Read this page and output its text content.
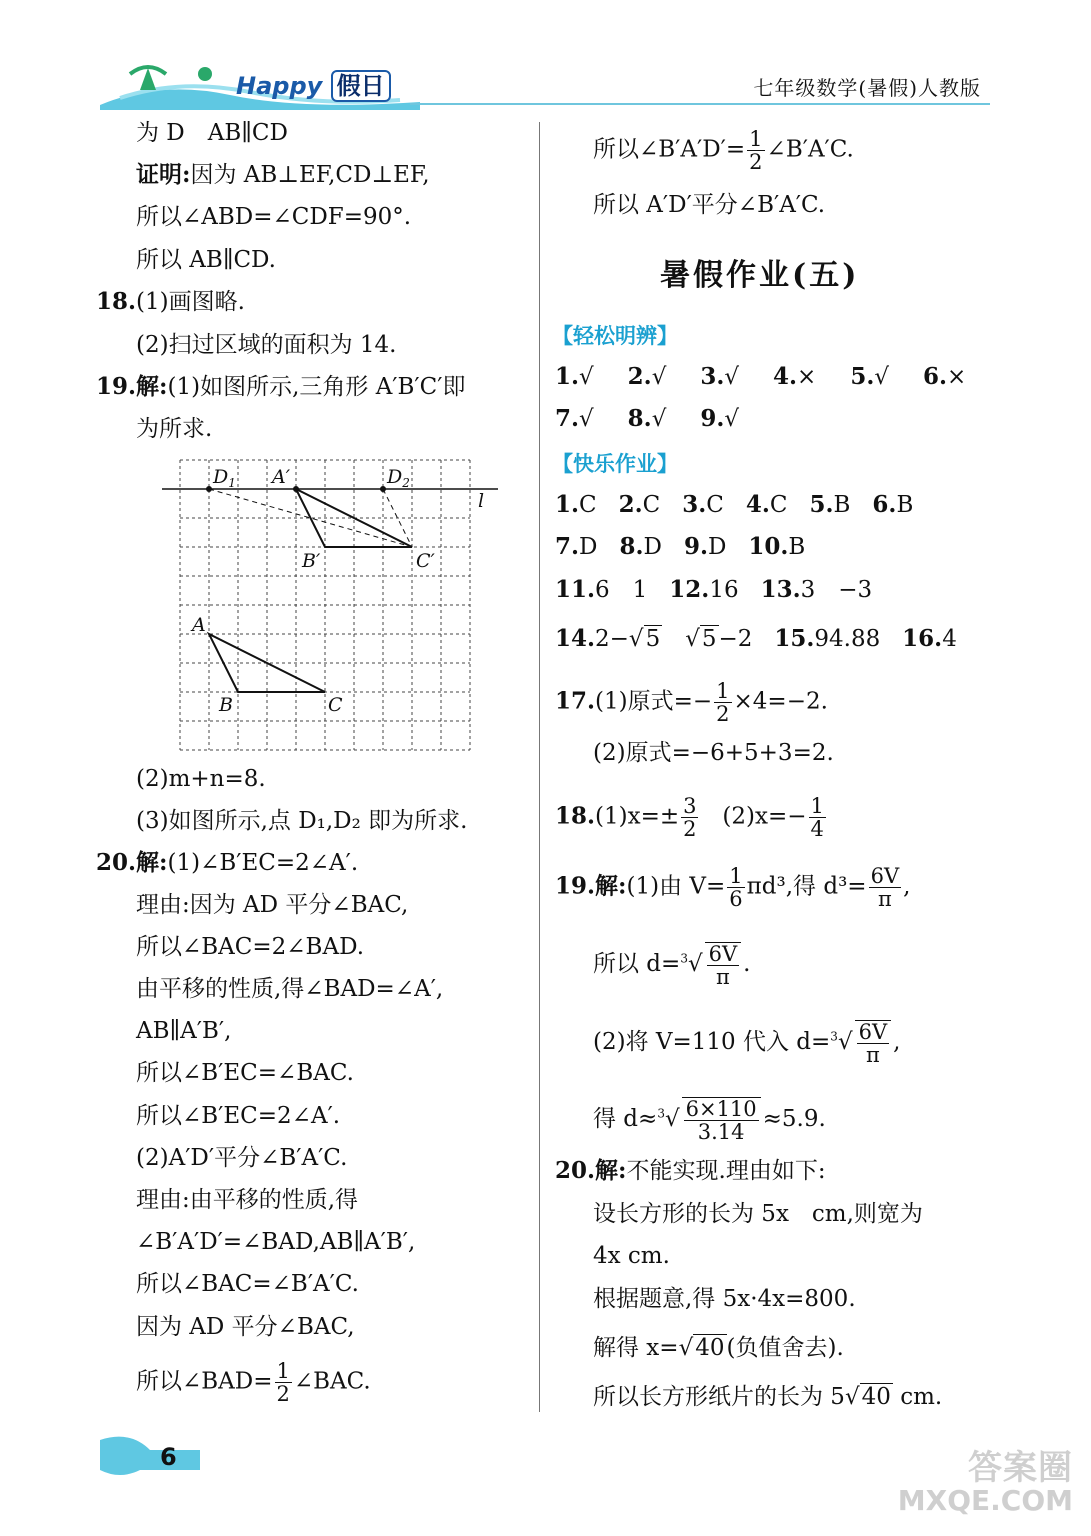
Happy 假日	七年级数学(暑假)人教版
为 D　AB∥CD
证明:因为 AB⊥EF,CD⊥EF,
所以∠ABD=∠CDF=90°.
所以 AB∥CD.
18. (1)画图略.
(2)扫过区域的面积为 14.
19. 解:(1)如图所示,三角形 A′B′C′即
为所求.
$D_1$ A′	$D_2$
l
B′	C′
A
B	C
(2)m+n=8.
(3)如图所示,点 D₁,D₂ 即为所求.
20. 解:(1)∠B′EC=2∠A′.
理由:因为 AD 平分∠BAC,
所以∠BAC=2∠BAD.
由平移的性质,得∠BAD=∠A′,
AB∥A′B′,
所以∠B′EC=∠BAC.
所以∠B′EC=2∠A′.
(2)A′D′平分∠B′A′C.
理由:由平移的性质,得
∠B′A′D′=∠BAD,AB∥A′B′,
所以∠BAC=∠B′A′C.
因为 AD 平分∠BAC,
所以∠BAD= $\frac{1}{2}$ ∠BAC.
所以∠B′A′D′= $\frac{1}{2}$ ∠B′A′C.
所以 A′D′平分∠B′A′C.
暑假作业(五)
【轻松明辨】
1.√ 2.√ 3.√ 4.× 5.√ 6.×
7.√ 8.√ 9.√
【快乐作业】
1.C 2.C 3.C 4.C 5.B 6.B
7.D 8.D 9.D 10.B
11.6　1 12.16 13.3　−3
14.2−√5　 √5−2 15.94.88 16.4
17.(1)原式=− $\frac{1}{2} \times 4=-2$.
(2)原式=−6+5+3=2.
$18.(1)x=\pm \frac{3}{2} (2)x=- \frac{1}{4}$
19.解:(1)由 $V= \frac{1}{6} \pi d^3$,得 $d^3= \frac{6V}{\pi}$ ,
所以 $d=^3√ \frac{6V}{\pi}$ .
(2)将 V=110 代入 $d=^3√ \frac{6V}{\pi}$ ,
得 $d\approx^3√ \frac{6\times 110}{3.14} \approx 5.9$.
20.解:不能实现.理由如下:
设长方形的长为 5x　cm,则宽为
4x cm.
根据题意,得 5x·4x=800.
解得 x=√40(负值舍去).
所以长方形纸片的长为 5√40 cm.
6	答案圈
MXQE.COM
